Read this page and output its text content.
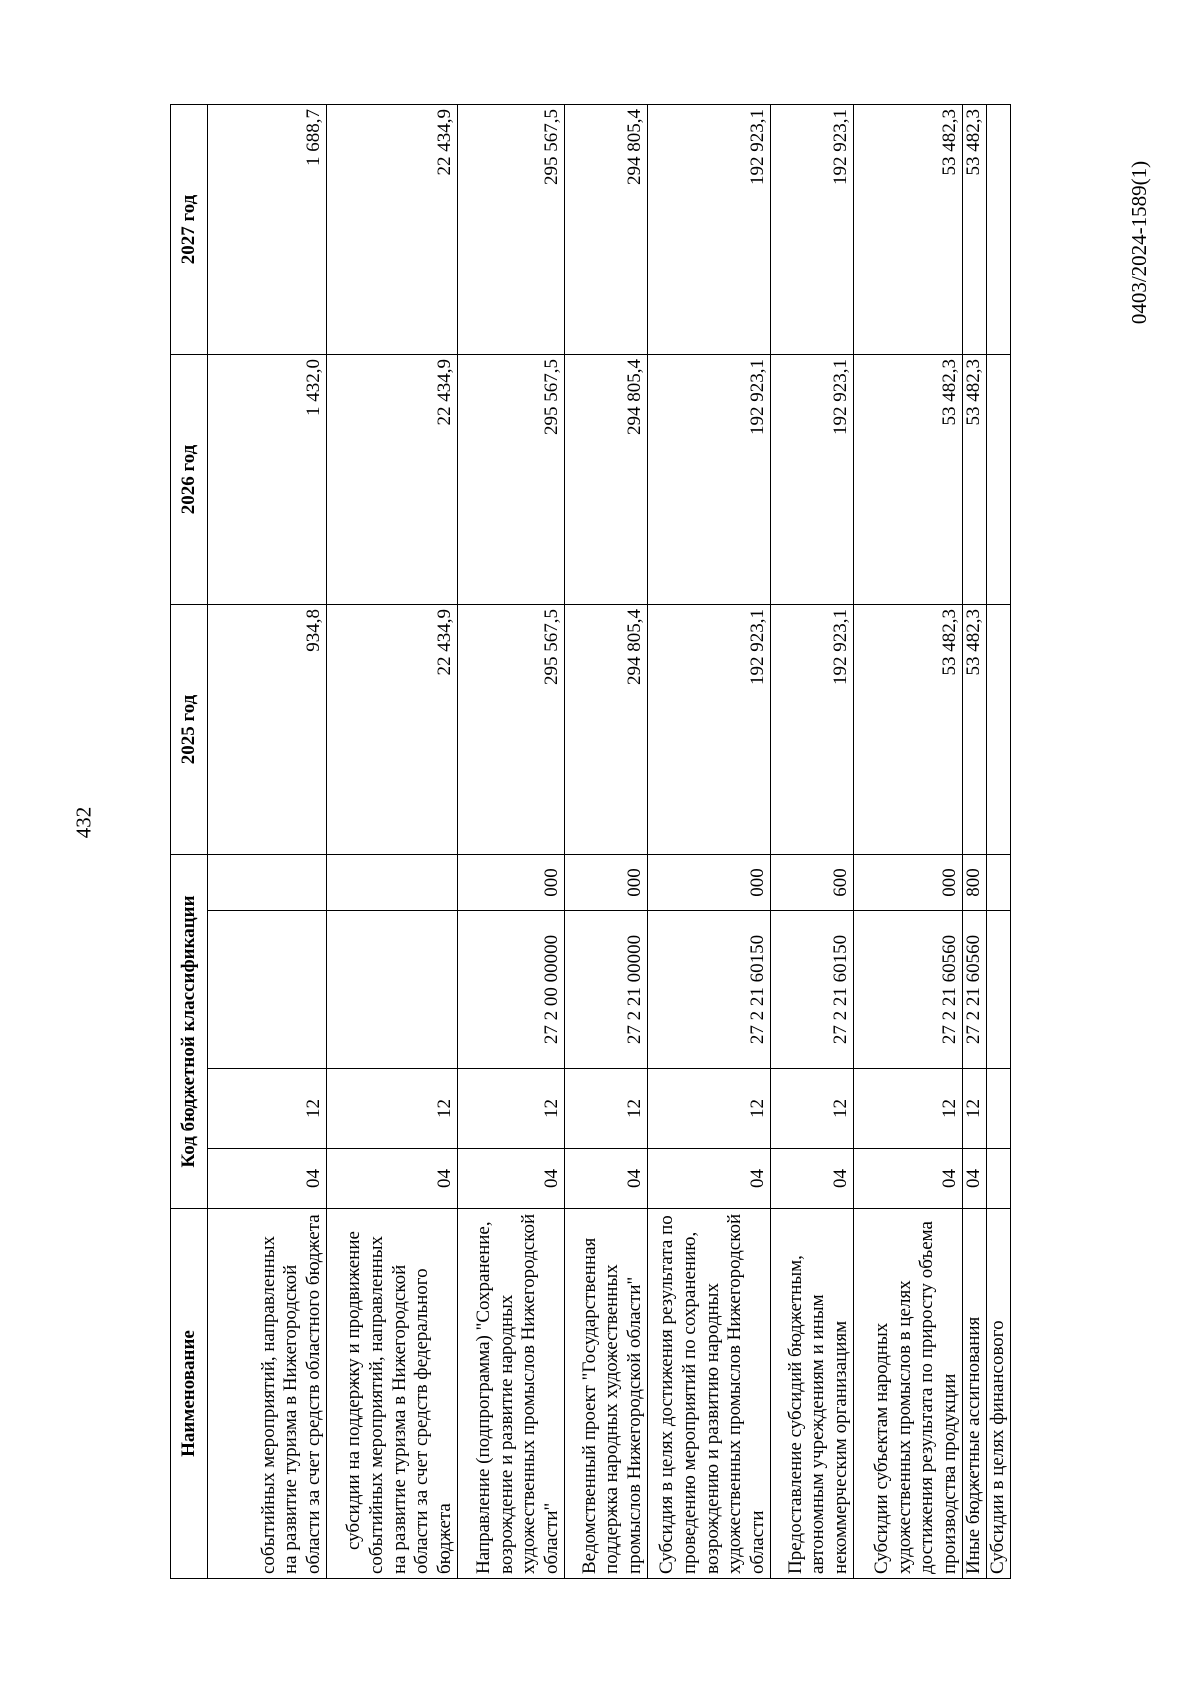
432
0403/2024-1589(1)
Наименование	Код бюджетной классификации				2025 год	2026 год	2027 год
событийных мероприятий, направленных на развитие туризма в Нижегородской области за счет средств областного бюджета	04	12			934,8	1 432,0	1 688,7
субсидии на поддержку и продвижение событийных мероприятий, направленных на развитие туризма в Нижегородской области за счет средств федерального бюджета	04	12			22 434,9	22 434,9	22 434,9
Направление (подпрограмма) "Сохранение, возрождение и развитие народных художественных промыслов Нижегородской области"	04	12	27 2 00 00000	000	295 567,5	295 567,5	295 567,5
Ведомственный проект "Государственная поддержка народных художественных промыслов Нижегородской области"	04	12	27 2 21 00000	000	294 805,4	294 805,4	294 805,4
Субсидия в целях достижения результата по проведению мероприятий по сохранению, возрождению и развитию народных художественных промыслов Нижегородской области	04	12	27 2 21 60150	000	192 923,1	192 923,1	192 923,1
Предоставление субсидий бюджетным, автономным учреждениям и иным некоммерческим организациям	04	12	27 2 21 60150	600	192 923,1	192 923,1	192 923,1
Субсидии субъектам народных художественных промыслов в целях достижения результата по приросту объема производства продукции	04	12	27 2 21 60560	000	53 482,3	53 482,3	53 482,3
Иные бюджетные ассигнования	04	12	27 2 21 60560	800	53 482,3	53 482,3	53 482,3
Субсидии в целях финансового							
